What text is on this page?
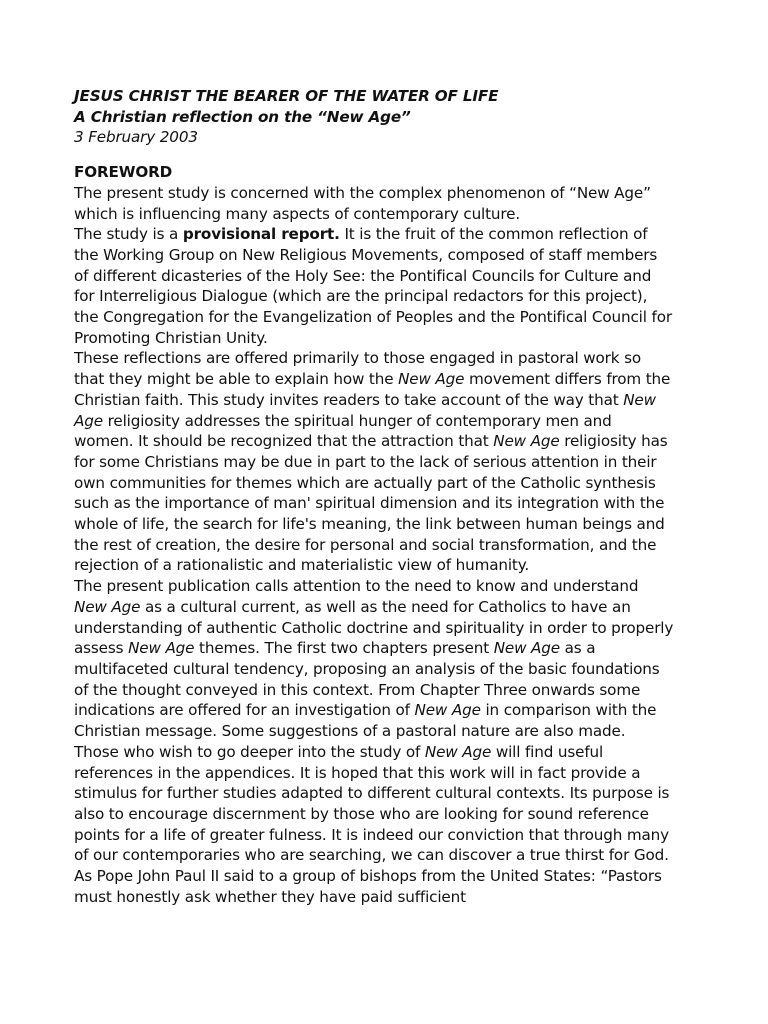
JESUS CHRIST THE BEARER OF THE WATER OF LIFE
A Christian reflection on the “New Age”
3 February 2003
FOREWORD

The present study is concerned with the complex phenomenon of “New Age” which is influencing many aspects of contemporary culture.

The study is a provisional report. It is the fruit of the common reflection of the Working Group on New Religious Movements, composed of staff members of different dicasteries of the Holy See: the Pontifical Councils for Culture and for Interreligious Dialogue (which are the principal redactors for this project), the Congregation for the Evangelization of Peoples and the Pontifical Council for Promoting Christian Unity.

These reflections are offered primarily to those engaged in pastoral work so that they might be able to explain how the New Age movement differs from the Christian faith. This study invites readers to take account of the way that New Age religiosity addresses the spiritual hunger of contemporary men and women. It should be recognized that the attraction that New Age religiosity has for some Christians may be due in part to the lack of serious attention in their own communities for themes which are actually part of the Catholic synthesis such as the importance of man' spiritual dimension and its integration with the whole of life, the search for life's meaning, the link between human beings and the rest of creation, the desire for personal and social transformation, and the rejection of a rationalistic and materialistic view of humanity.

The present publication calls attention to the need to know and understand New Age as a cultural current, as well as the need for Catholics to have an understanding of authentic Catholic doctrine and spirituality in order to properly assess New Age themes. The first two chapters present New Age as a multifaceted cultural tendency, proposing an analysis of the basic foundations of the thought conveyed in this context. From Chapter Three onwards some indications are offered for an investigation of New Age in comparison with the Christian message. Some suggestions of a pastoral nature are also made.

Those who wish to go deeper into the study of New Age will find useful references in the appendices. It is hoped that this work will in fact provide a stimulus for further studies adapted to different cultural contexts. Its purpose is also to encourage discernment by those who are looking for sound reference points for a life of greater fulness. It is indeed our conviction that through many of our contemporaries who are searching, we can discover a true thirst for God. As Pope John Paul II said to a group of bishops from the United States: “Pastors must honestly ask whether they have paid sufficient
